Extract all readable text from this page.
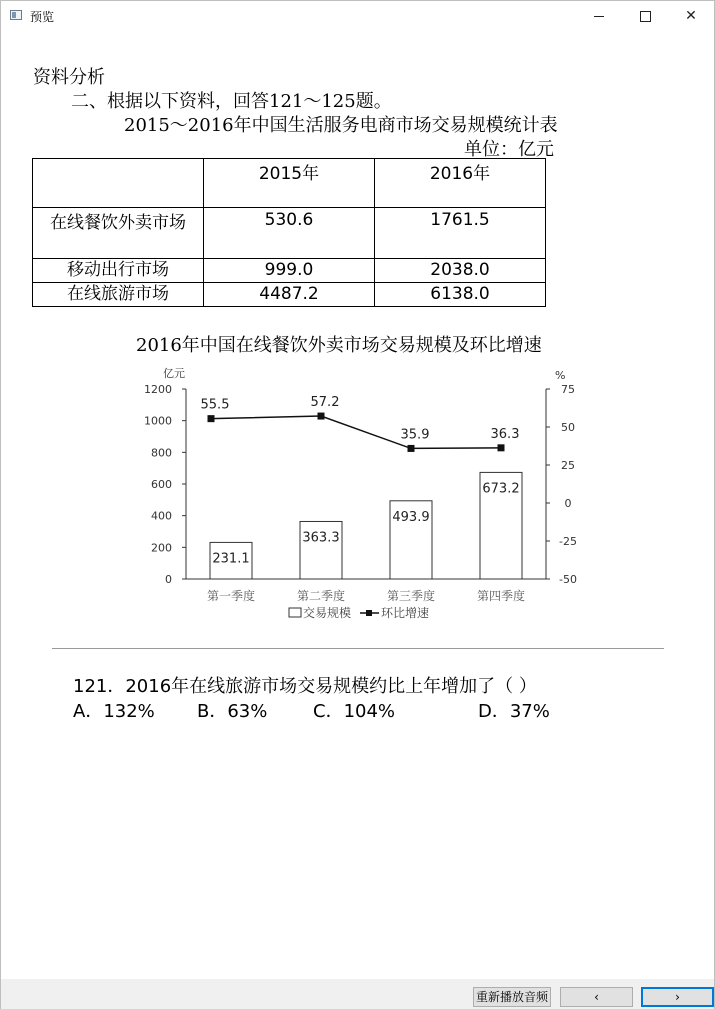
预览	✕
资料分析
二、根据以下资料，回答121～125题。
2015～2016年中国生活服务电商市场交易规模统计表
单位：亿元
	2015年	2016年
在线餐饮外卖市场	530.6	1761.5
移动出行市场	999.0	2038.0
在线旅游市场	4487.2	6138.0
2016年中国在线餐饮外卖市场交易规模及环比增速
亿元	%
0
200
400
600
800
1000
1200
-50
-25
0
25
50
75
231.1
363.3
493.9
673.2
第一季度	第二季度	第三季度	第四季度
55.5	57.2
35.9	36.3
交易规模 环比增速
121．2016年在线旅游市场交易规模约比上年增加了（ ）
A．132% B．63%	C．104%	D．37%
重新播放音频	‹	›
